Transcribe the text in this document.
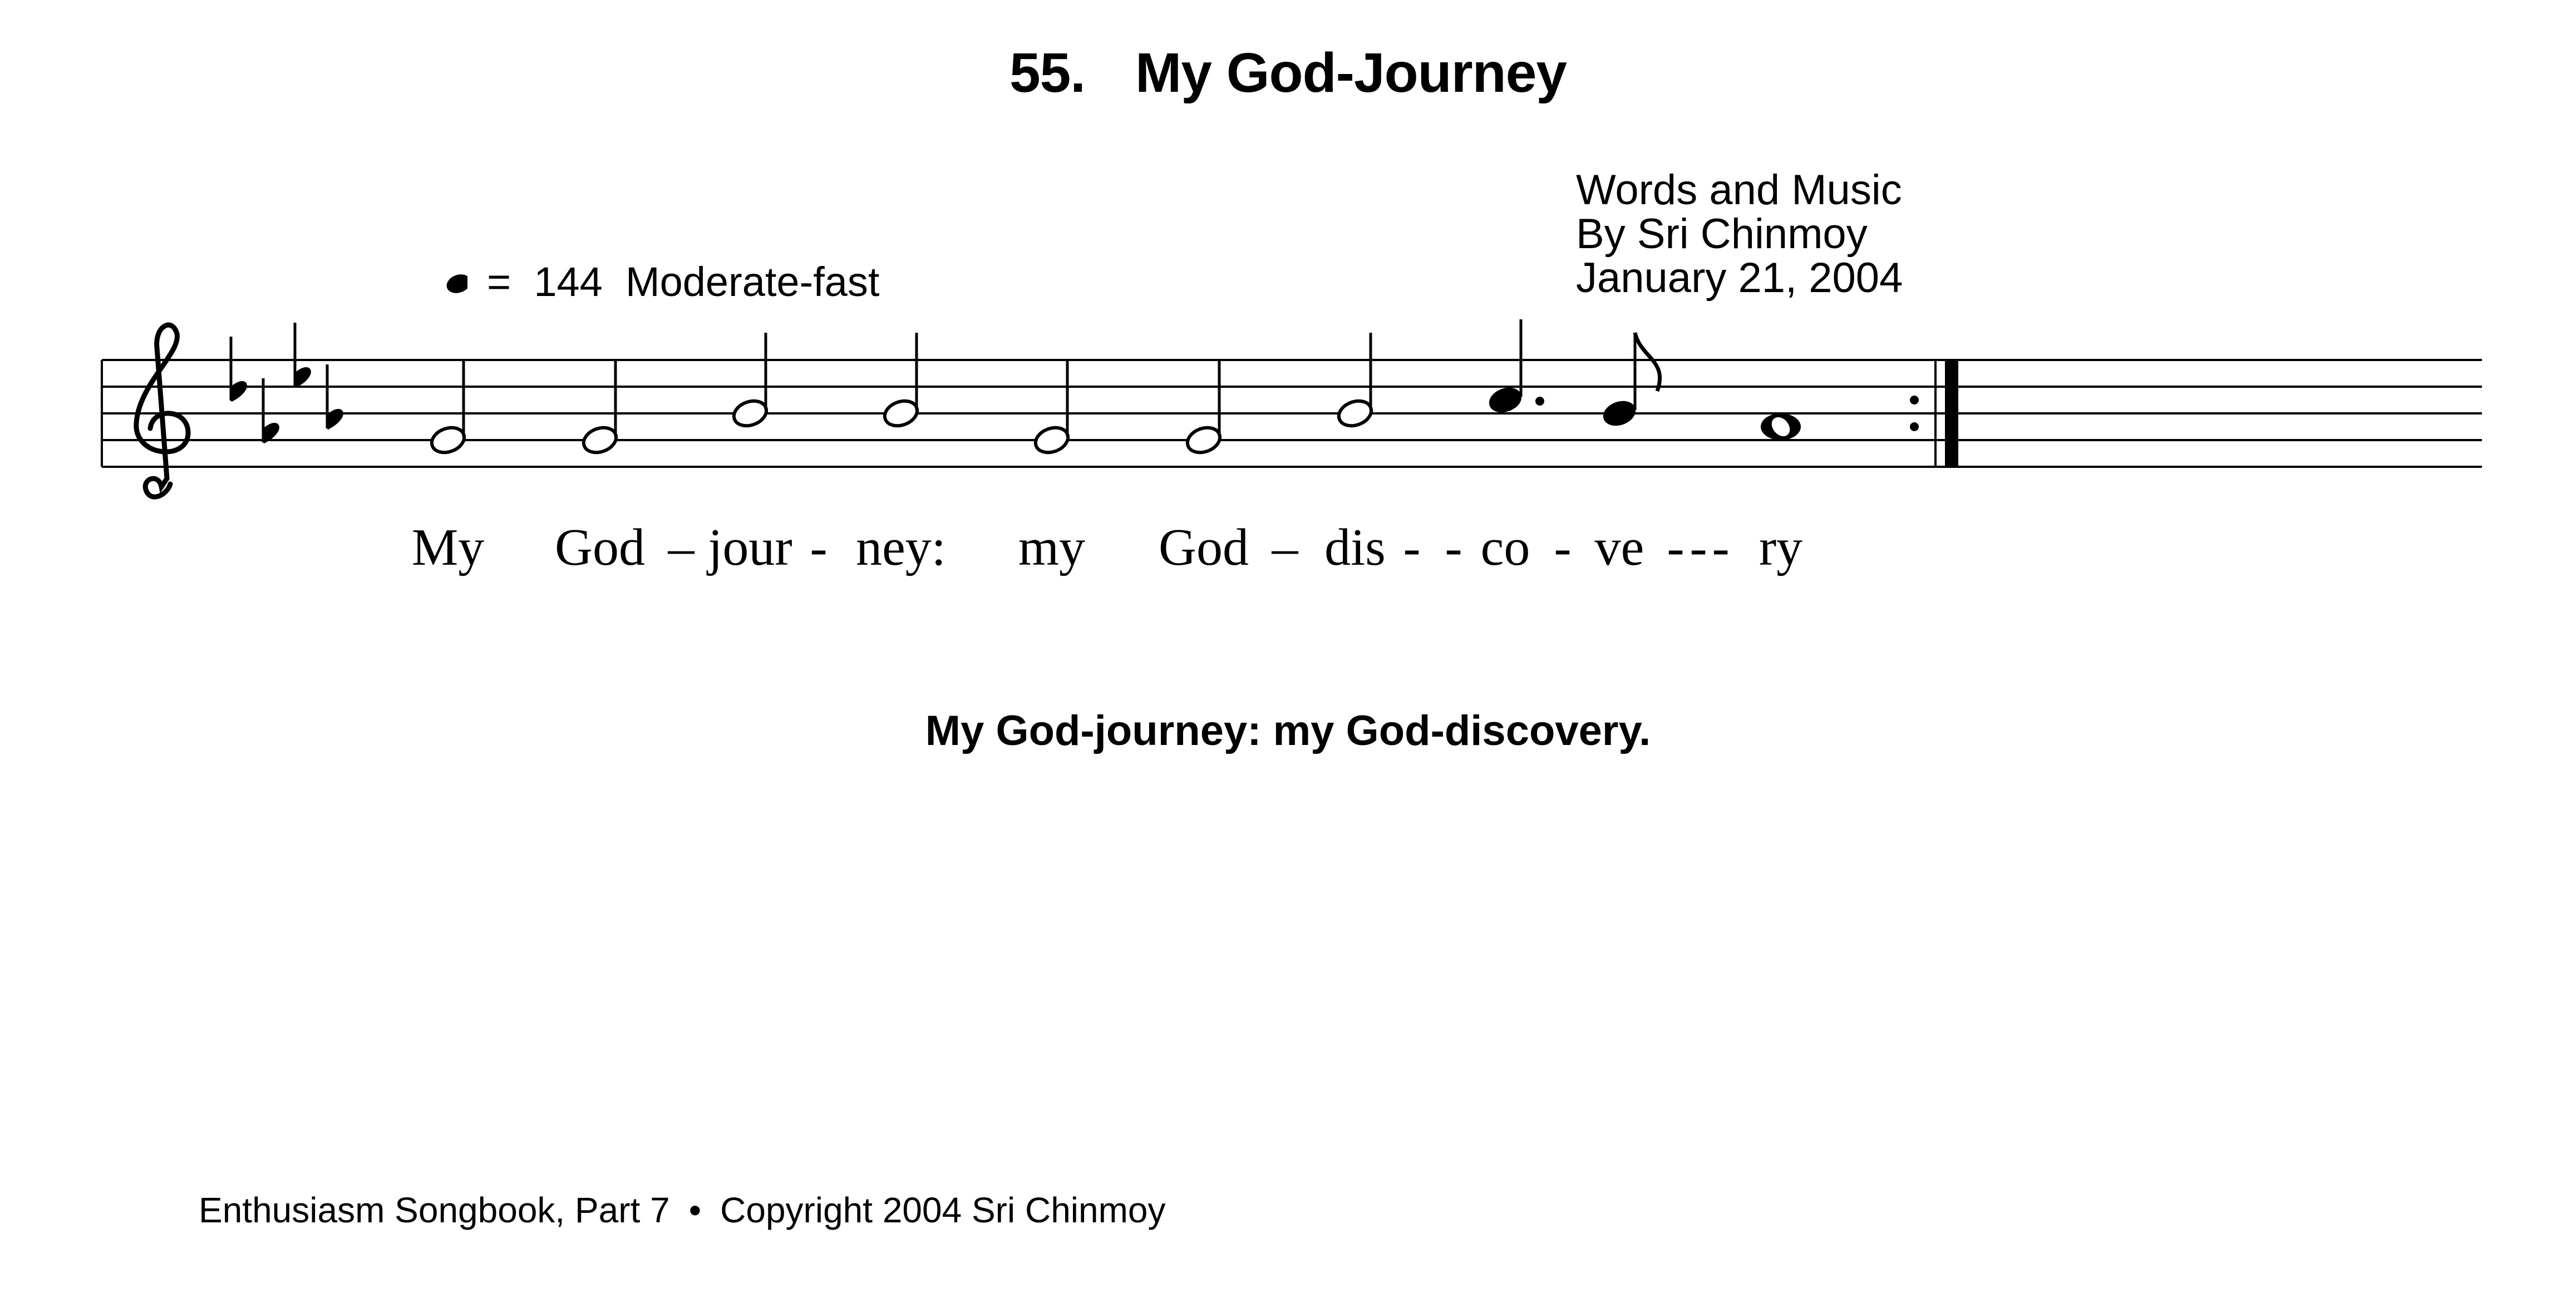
55. My God-Journey
Words and Music
By Sri Chinmoy
January 21, 2004
= 144 Moderate-fast
My God – jour - ney: my God – dis - - co - ve - - - ry
My God-journey: my God-discovery.
Enthusiasm Songbook, Part 7 • Copyright 2004 Sri Chinmoy
